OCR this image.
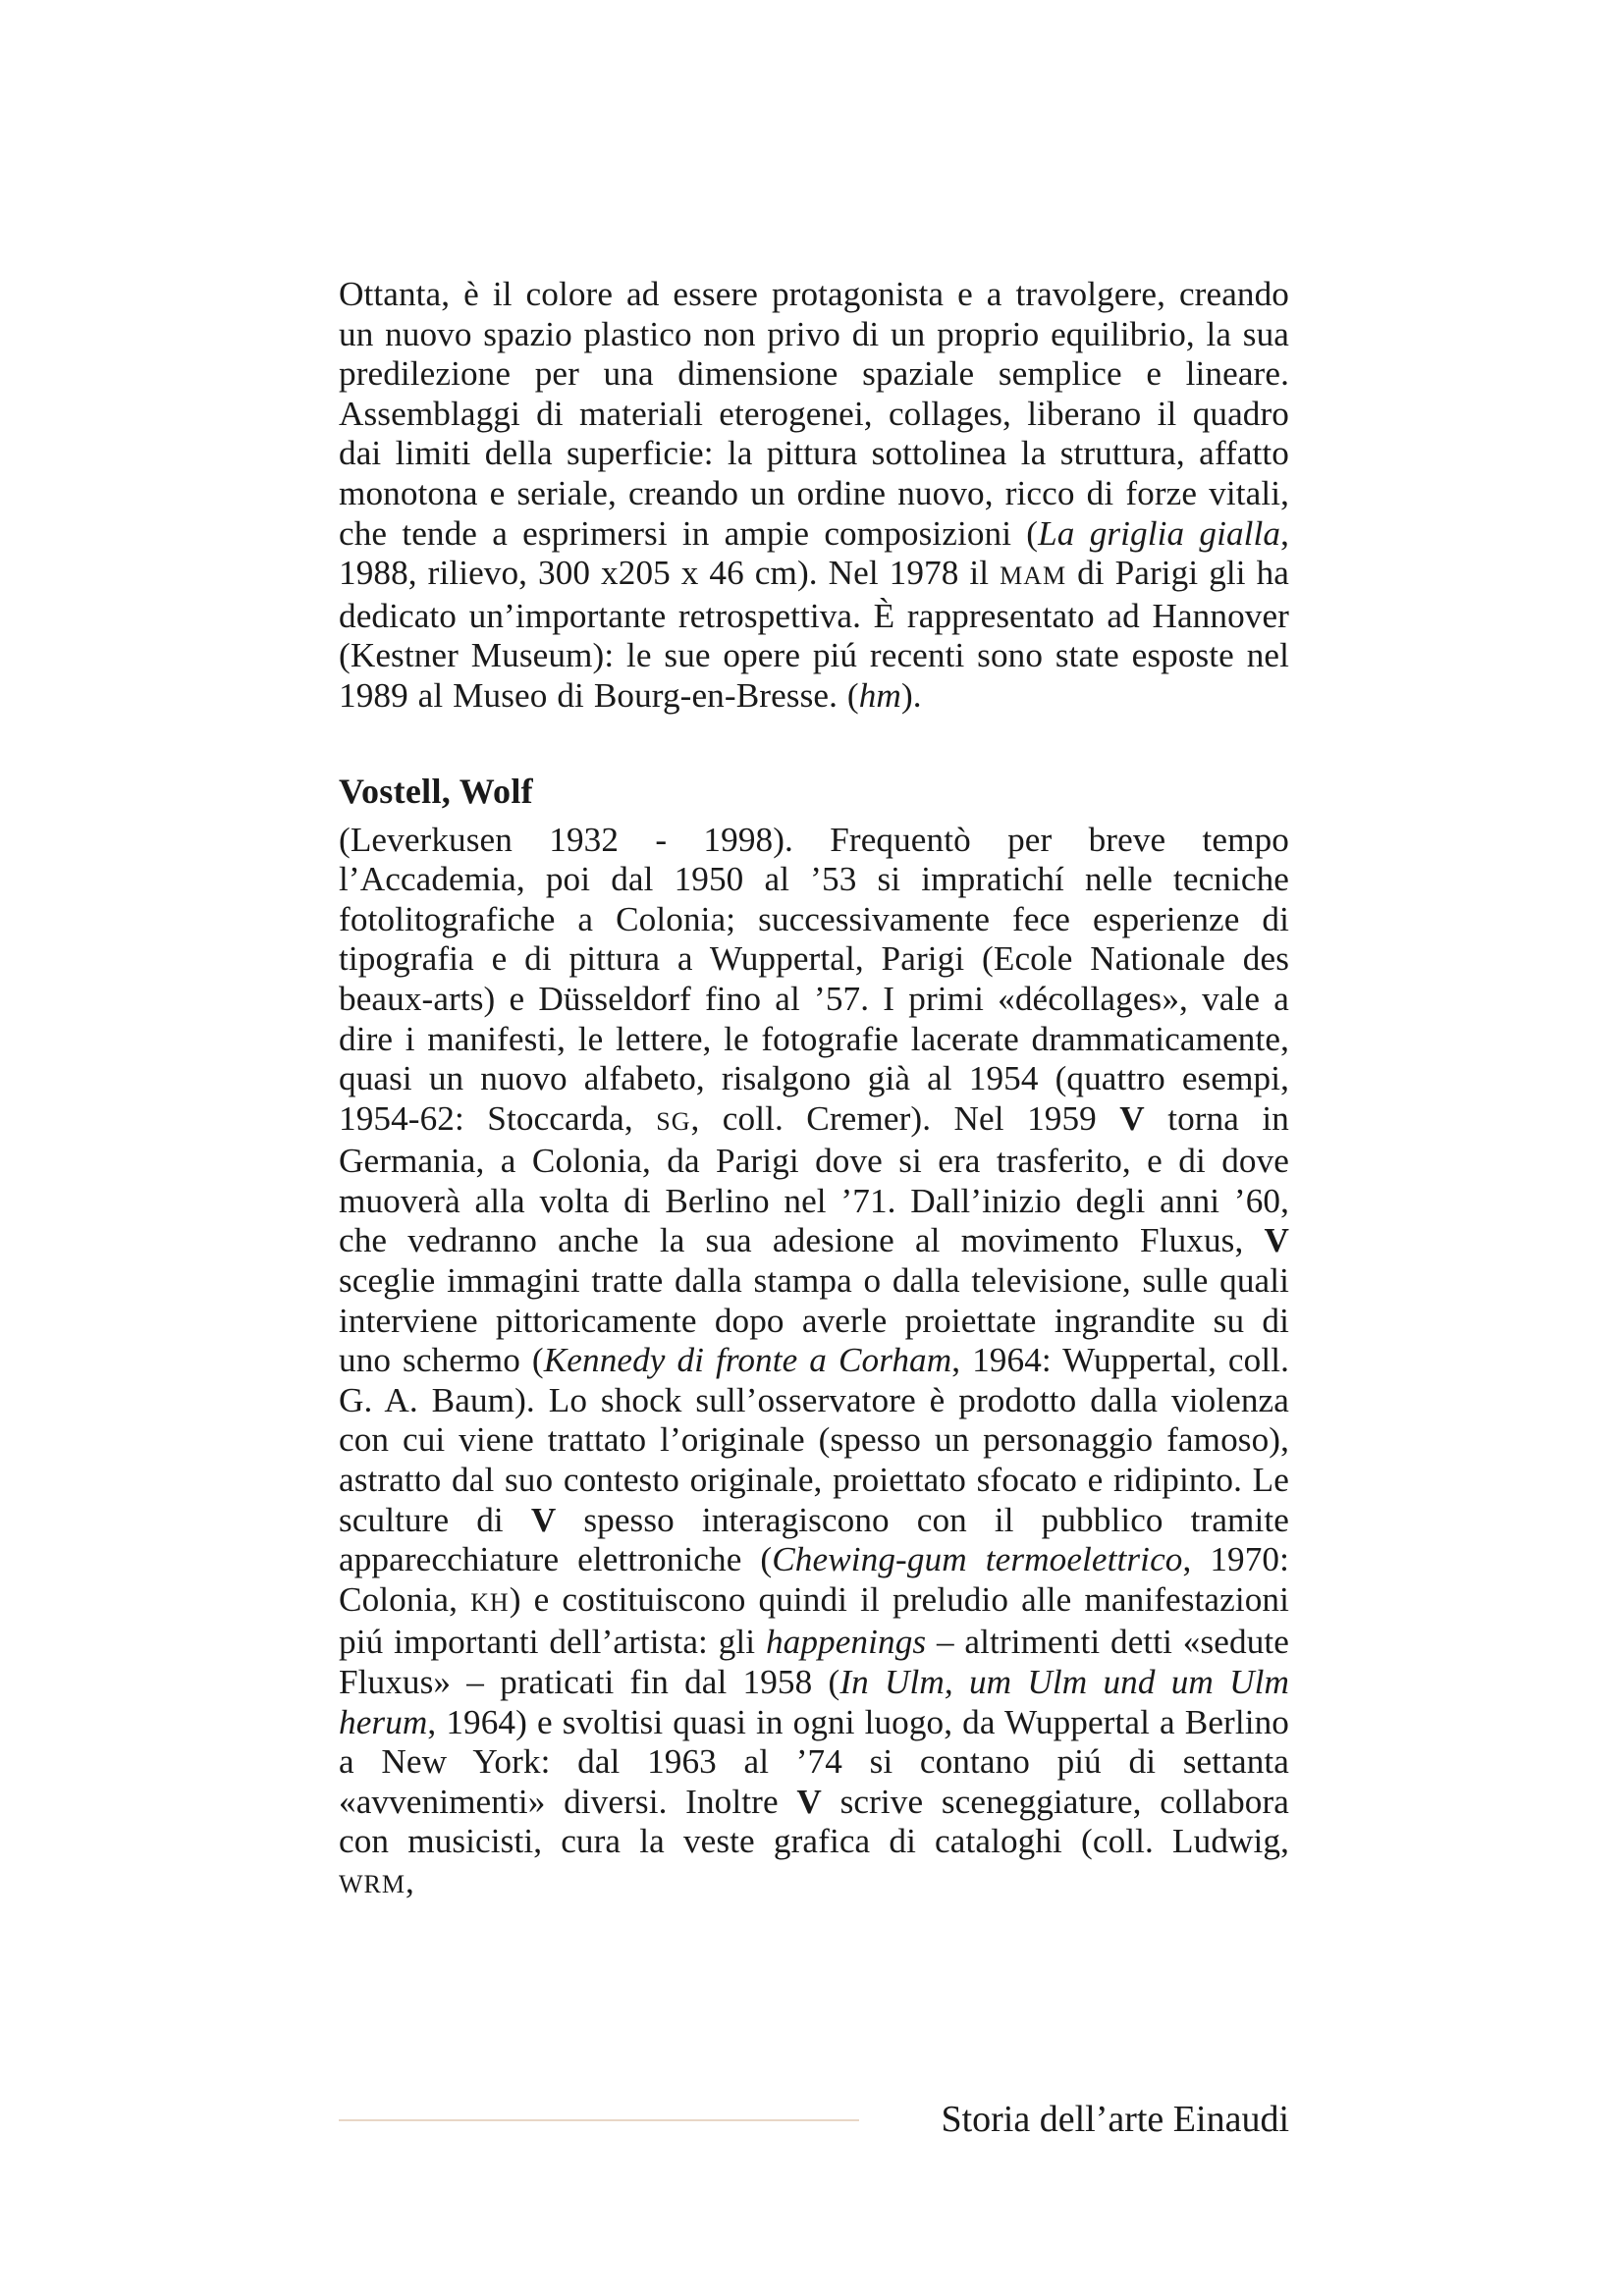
Ottanta, è il colore ad essere protagonista e a travolgere, creando un nuovo spazio plastico non privo di un proprio equilibrio, la sua predilezione per una dimensione spaziale semplice e lineare. Assemblaggi di materiali eterogenei, collages, liberano il quadro dai limiti della superficie: la pittura sottolinea la struttura, affatto monotona e seriale, creando un ordine nuovo, ricco di forze vitali, che tende a esprimersi in ampie composizioni (La griglia gialla, 1988, rilievo, 300 x205 x 46 cm). Nel 1978 il MAM di Parigi gli ha dedicato un’importante retrospettiva. È rappresentato ad Hannover (Kestner Museum): le sue opere piú recenti sono state esposte nel 1989 al Museo di Bourg-en-Bresse. (hm).

Vostell, Wolf

(Leverkusen 1932 - 1998). Frequentò per breve tempo l’Accademia, poi dal 1950 al ’53 si impratichí nelle tecniche fotolitografiche a Colonia; successivamente fece esperienze di tipografia e di pittura a Wuppertal, Parigi (Ecole Nationale des beaux-arts) e Düsseldorf fino al ’57. I primi «décollages», vale a dire i manifesti, le lettere, le fotografie lacerate drammaticamente, quasi un nuovo alfabeto, risalgono già al 1954 (quattro esempi, 1954-62: Stoccarda, SG, coll. Cremer). Nel 1959 V torna in Germania, a Colonia, da Parigi dove si era trasferito, e di dove muoverà alla volta di Berlino nel ’71. Dall’inizio degli anni ’60, che vedranno anche la sua adesione al movimento Fluxus, V sceglie immagini tratte dalla stampa o dalla televisione, sulle quali interviene pittoricamente dopo averle proiettate ingrandite su di uno schermo (Kennedy di fronte a Corham, 1964: Wuppertal, coll. G. A. Baum). Lo shock sull’osservatore è prodotto dalla violenza con cui viene trattato l’originale (spesso un personaggio famoso), astratto dal suo contesto originale, proiettato sfocato e ridipinto. Le sculture di V spesso interagiscono con il pubblico tramite apparecchiature elettroniche (Chewing-gum termoelettrico, 1970: Colonia, KH) e costituiscono quindi il preludio alle manifestazioni piú importanti dell’artista: gli happenings – altrimenti detti «sedute Fluxus» – praticati fin dal 1958 (In Ulm, um Ulm und um Ulm herum, 1964) e svoltisi quasi in ogni luogo, da Wuppertal a Berlino a New York: dal 1963 al ’74 si contano piú di settanta «avvenimenti» diversi. Inoltre V scrive sceneggiature, collabora con musicisti, cura la veste grafica di cataloghi (coll. Ludwig, WRM,

Storia dell’arte Einaudi
